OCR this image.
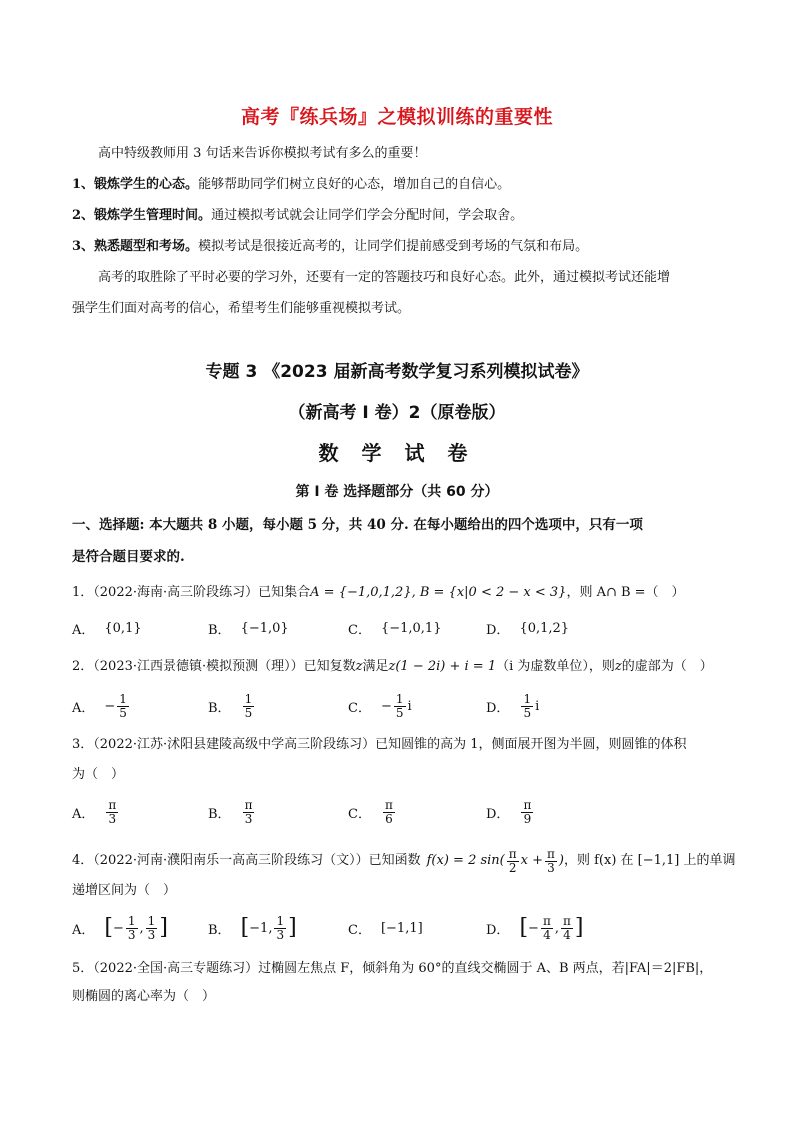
高考『练兵场』之模拟训练的重要性
高中特级教师用 3 句话来告诉你模拟考试有多么的重要！
1、锻炼学生的心态。能够帮助同学们树立良好的心态，增加自己的自信心。
2、锻炼学生管理时间。通过模拟考试就会让同学们学会分配时间，学会取舍。
3、熟悉题型和考场。模拟考试是很接近高考的，让同学们提前感受到考场的气氛和布局。
高考的取胜除了平时必要的学习外，还要有一定的答题技巧和良好心态。此外，通过模拟考试还能增
强学生们面对高考的信心，希望考生们能够重视模拟考试。
专题 3 《2023 届新高考数学复习系列模拟试卷》
（新高考 I 卷）2（原卷版）
数 学 试 卷
第 I 卷 选择题部分（共 60 分）
一、选择题: 本大题共 8 小题，每小题 5 分，共 40 分. 在每小题给出的四个选项中，只有一项
是符合题目要求的.
1．（2022·海南·高三阶段练习）已知集合A = {−1,0,1,2}, B = {x|0 < 2 − x < 3}，则 A∩ B =（　）
A． {0,1}	B． {−1,0}	C． {−1,0,1}	D． {0,1,2}
2．（2023·江西景德镇·模拟预测（理））已知复数z满足z(1 − 2i) + i = 1（i 为虚数单位），则z的虚部为（　）
A． − $\frac{1}{5}$	B． $\frac{1}{5}$	C． − $\frac{1}{5}$ i	D． $\frac{1}{5}$ i
3．（2022·江苏·沭阳县建陵高级中学高三阶段练习）已知圆锥的高为 1，侧面展开图为半圆，则圆锥的体积
为（　）
A． $\frac{\pi}{3}$	B． $\frac{\pi}{3}$	C． $\frac{\pi}{6}$	D． $\frac{\pi}{9}$
4．（2022·河南·濮阳南乐一高高三阶段练习（文））已知函数 f(x) = 2 $\sin( \frac{\pi}{2}$ $x + \frac{\pi}{3}$ ) ，则 f(x) 在 [−1,1] 上的单调
递增区间为（　）
A． [ − $\frac{1}{3}$ , $\frac{1}{3}$ ]	B． [ −1 , $\frac{1}{3}$ ]	C． [−1,1]	D． [ − $\frac{\pi}{4}$ , $\frac{\pi}{4}$ ]
5．（2022·全国·高三专题练习）过椭圆左焦点 F，倾斜角为 60°的直线交椭圆于 A、B 两点，若|FA|＝2|FB|，
则椭圆的离心率为（　）
